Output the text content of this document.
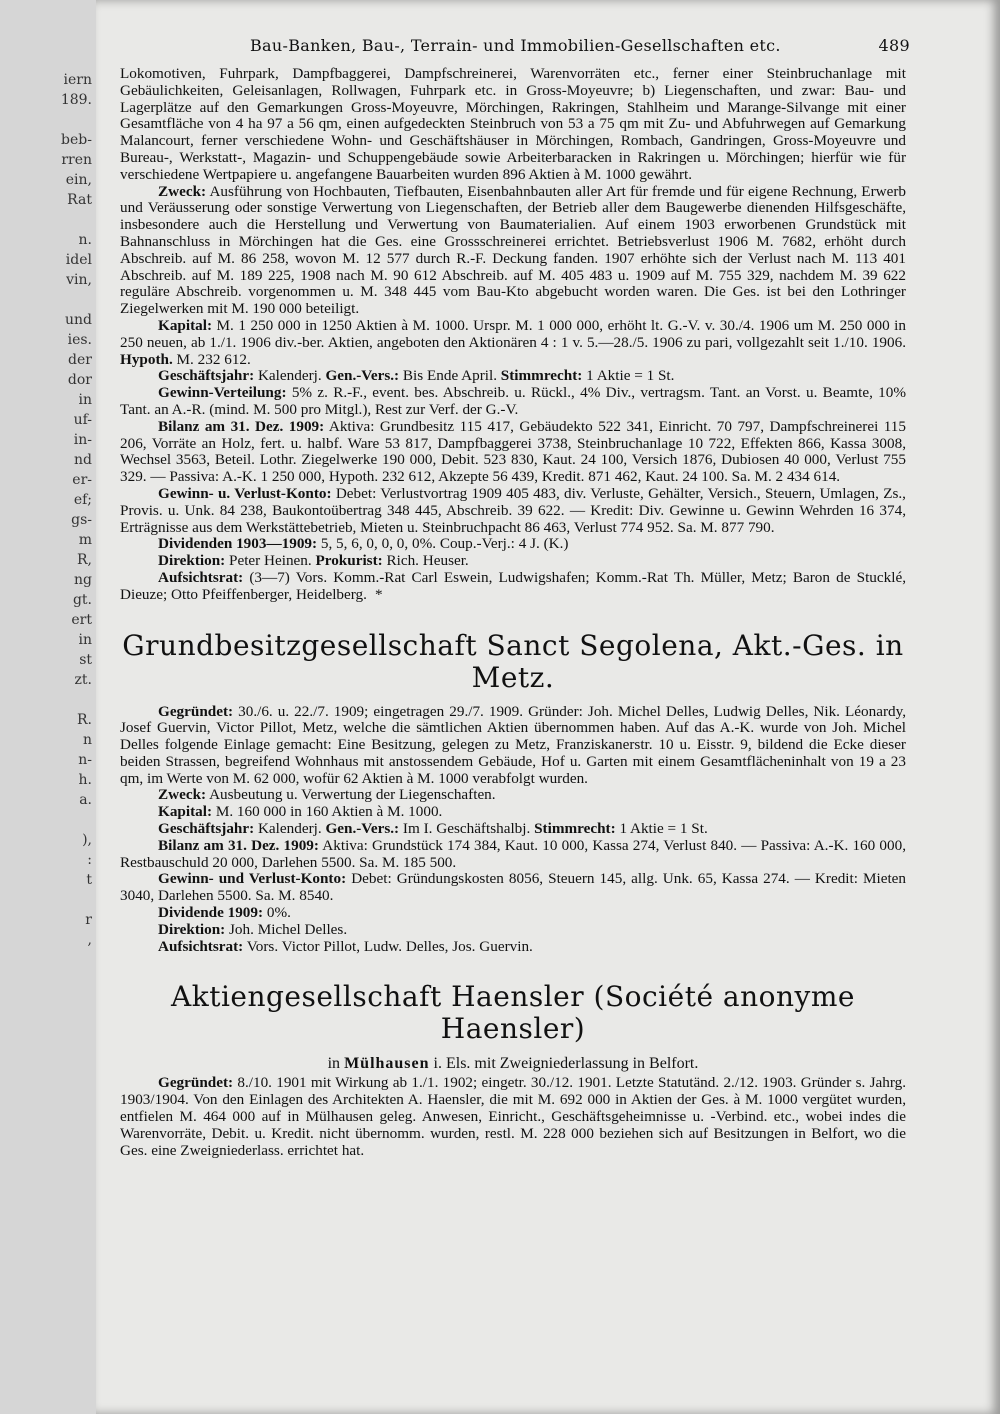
iern
189.

beb-
rren
ein,
Rat

n.
idel
vin,

und
ies.
der
dor
in
uf-
in-
nd
er-
ef;
gs-
m
R,
ng
gt.
ert
in
st
zt.

R.
n
n-
h.
a.

),
:
t

r
,
Bau-Banken, Bau-, Terrain- und Immobilien-Gesellschaften etc.	489

Lokomotiven, Fuhrpark, Dampfbaggerei, Dampfschreinerei, Warenvorräten etc., ferner einer Steinbruchanlage mit Gebäulichkeiten, Geleisanlagen, Rollwagen, Fuhrpark etc. in Gross-Moyeuvre; b) Liegenschaften, und zwar: Bau- und Lagerplätze auf den Gemarkungen Gross-Moyeuvre, Mörchingen, Rakringen, Stahlheim und Marange-Silvange mit einer Gesamtfläche von 4 ha 97 a 56 qm, einen aufgedeckten Steinbruch von 53 a 75 qm mit Zu- und Abfuhrwegen auf Gemarkung Malancourt, ferner verschiedene Wohn- und Geschäftshäuser in Mörchingen, Rombach, Gandringen, Gross-Moyeuvre und Bureau-, Werkstatt-, Magazin- und Schuppengebäude sowie Arbeiterbaracken in Rakringen u. Mörchingen; hierfür wie für verschiedene Wertpapiere u. angefangene Bauarbeiten wurden 896 Aktien à M. 1000 gewährt.

Zweck: Ausführung von Hochbauten, Tiefbauten, Eisenbahnbauten aller Art für fremde und für eigene Rechnung, Erwerb und Veräusserung oder sonstige Verwertung von Liegenschaften, der Betrieb aller dem Baugewerbe dienenden Hilfsgeschäfte, insbesondere auch die Herstellung und Verwertung von Baumaterialien. Auf einem 1903 erworbenen Grundstück mit Bahnanschluss in Mörchingen hat die Ges. eine Grossschreinerei errichtet. Betriebsverlust 1906 M. 7682, erhöht durch Abschreib. auf M. 86 258, wovon M. 12 577 durch R.-F. Deckung fanden. 1907 erhöhte sich der Verlust nach M. 113 401 Abschreib. auf M. 189 225, 1908 nach M. 90 612 Abschreib. auf M. 405 483 u. 1909 auf M. 755 329, nachdem M. 39 622 reguläre Abschreib. vorgenommen u. M. 348 445 vom Bau-Kto abgebucht worden waren. Die Ges. ist bei den Lothringer Ziegelwerken mit M. 190 000 beteiligt.

Kapital: M. 1 250 000 in 1250 Aktien à M. 1000. Urspr. M. 1 000 000, erhöht lt. G.-V. v. 30./4. 1906 um M. 250 000 in 250 neuen, ab 1./1. 1906 div.-ber. Aktien, angeboten den Aktionären 4 : 1 v. 5.—28./5. 1906 zu pari, vollgezahlt seit 1./10. 1906. Hypoth. M. 232 612.

Geschäftsjahr: Kalenderj. Gen.-Vers.: Bis Ende April. Stimmrecht: 1 Aktie = 1 St.

Gewinn-Verteilung: 5% z. R.-F., event. bes. Abschreib. u. Rückl., 4% Div., vertragsm. Tant. an Vorst. u. Beamte, 10% Tant. an A.-R. (mind. M. 500 pro Mitgl.), Rest zur Verf. der G.-V.

Bilanz am 31. Dez. 1909: Aktiva: Grundbesitz 115 417, Gebäudekto 522 341, Einricht. 70 797, Dampfschreinerei 115 206, Vorräte an Holz, fert. u. halbf. Ware 53 817, Dampfbaggerei 3738, Steinbruchanlage 10 722, Effekten 866, Kassa 3008, Wechsel 3563, Beteil. Lothr. Ziegelwerke 190 000, Debit. 523 830, Kaut. 24 100, Versich 1876, Dubiosen 40 000, Verlust 755 329. — Passiva: A.-K. 1 250 000, Hypoth. 232 612, Akzepte 56 439, Kredit. 871 462, Kaut. 24 100. Sa. M. 2 434 614.

Gewinn- u. Verlust-Konto: Debet: Verlustvortrag 1909 405 483, div. Verluste, Gehälter, Versich., Steuern, Umlagen, Zs., Provis. u. Unk. 84 238, Baukontoübertrag 348 445, Abschreib. 39 622. — Kredit: Div. Gewinne u. Gewinn Wehrden 16 374, Erträgnisse aus dem Werkstättebetrieb, Mieten u. Steinbruchpacht 86 463, Verlust 774 952. Sa. M. 877 790.

Dividenden 1903—1909: 5, 5, 6, 0, 0, 0, 0%. Coup.-Verj.: 4 J. (K.)

Direktion: Peter Heinen. Prokurist: Rich. Heuser.

Aufsichtsrat: (3—7) Vors. Komm.-Rat Carl Eswein, Ludwigshafen; Komm.-Rat Th. Müller, Metz; Baron de Stucklé, Dieuze; Otto Pfeiffenberger, Heidelberg. *

Grundbesitzgesellschaft Sanct Segolena, Akt.-Ges. in Metz.

Gegründet: 30./6. u. 22./7. 1909; eingetragen 29./7. 1909. Gründer: Joh. Michel Delles, Ludwig Delles, Nik. Léonardy, Josef Guervin, Victor Pillot, Metz, welche die sämtlichen Aktien übernommen haben. Auf das A.-K. wurde von Joh. Michel Delles folgende Einlage gemacht: Eine Besitzung, gelegen zu Metz, Franziskanerstr. 10 u. Eisstr. 9, bildend die Ecke dieser beiden Strassen, begreifend Wohnhaus mit anstossendem Gebäude, Hof u. Garten mit einem Gesamtflächeninhalt von 19 a 23 qm, im Werte von M. 62 000, wofür 62 Aktien à M. 1000 verabfolgt wurden.

Zweck: Ausbeutung u. Verwertung der Liegenschaften.

Kapital: M. 160 000 in 160 Aktien à M. 1000.

Geschäftsjahr: Kalenderj. Gen.-Vers.: Im I. Geschäftshalbj. Stimmrecht: 1 Aktie = 1 St.

Bilanz am 31. Dez. 1909: Aktiva: Grundstück 174 384, Kaut. 10 000, Kassa 274, Verlust 840. — Passiva: A.-K. 160 000, Restbauschuld 20 000, Darlehen 5500. Sa. M. 185 500.

Gewinn- und Verlust-Konto: Debet: Gründungskosten 8056, Steuern 145, allg. Unk. 65, Kassa 274. — Kredit: Mieten 3040, Darlehen 5500. Sa. M. 8540.

Dividende 1909: 0%.

Direktion: Joh. Michel Delles.

Aufsichtsrat: Vors. Victor Pillot, Ludw. Delles, Jos. Guervin.

Aktiengesellschaft Haensler (Société anonyme Haensler)
in Mülhausen i. Els. mit Zweigniederlassung in Belfort.

Gegründet: 8./10. 1901 mit Wirkung ab 1./1. 1902; eingetr. 30./12. 1901. Letzte Statutänd. 2./12. 1903. Gründer s. Jahrg. 1903/1904. Von den Einlagen des Architekten A. Haensler, die mit M. 692 000 in Aktien der Ges. à M. 1000 vergütet wurden, entfielen M. 464 000 auf in Mülhausen geleg. Anwesen, Einricht., Geschäftsgeheimnisse u. -Verbind. etc., wobei indes die Warenvorräte, Debit. u. Kredit. nicht übernomm. wurden, restl. M. 228 000 beziehen sich auf Besitzungen in Belfort, wo die Ges. eine Zweigniederlass. errichtet hat.
